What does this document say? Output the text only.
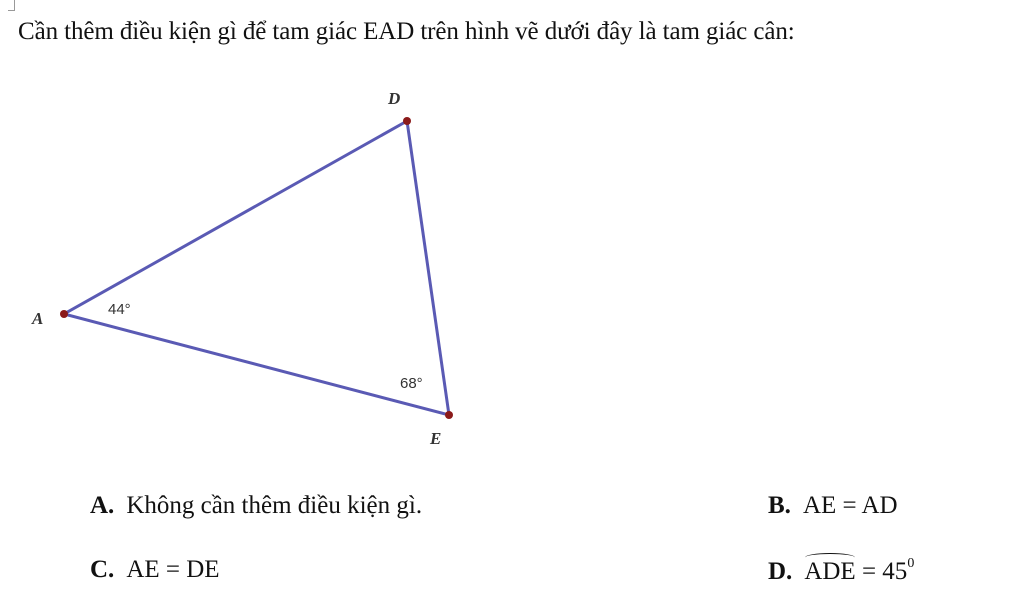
Cần thêm điều kiện gì để tam giác EAD trên hình vẽ dưới đây là tam giác cân:
D
A
E
44°
68°
A. Không cần thêm điều kiện gì.	B. AE = AD
C. AE = DE	D. ADE = $45^0$
